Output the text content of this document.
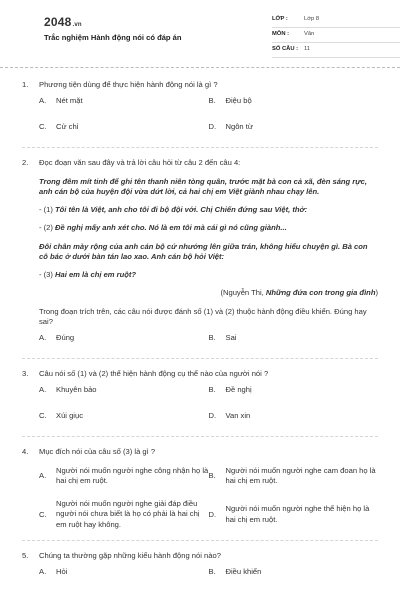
2048.vn
Trắc nghiệm Hành động nói có đáp án
LỚP :	Lớp 8
MÔN :	Văn
SỐ CÂU :	11
1.	Phương tiện dùng để thực hiện hành động nói là gì ?
A.	Nét mặt	B.	Điệu bộ
C.	Cử chỉ	D.	Ngôn từ
2.	Đọc đoạn văn sau đây và trả lời câu hỏi từ câu 2 đến câu 4:

Trong đêm mít tinh để ghi tên thanh niên tòng quân, trước mặt bà con cả xã, đèn sáng rực, anh cán bộ của huyện đội vừa dứt lời, cả hai chị em Việt giành nhau chạy lên.

- (1) Tôi tên là Việt, anh cho tôi đi bộ đội với. Chị Chiến đứng sau Việt, thở:

- (2) Đề nghị mấy anh xét cho. Nó là em tôi mà cái gì nó cũng giành...

Đôi chân mày rộng của anh cán bộ cứ nhướng lên giữa trán, không hiểu chuyện gì. Bà con cô bác ở dưới bàn tán lao xao. Anh cán bộ hỏi Việt:

- (3) Hai em là chị em ruột?

(Nguyễn Thi, Những đứa con trong gia đình)
Trong đoạn trích trên, các câu nói được đánh số (1) và (2) thuộc hành động điều khiển. Đúng hay sai?
A.	Đúng	B.	Sai
3.	Câu nói số (1) và (2) thể hiện hành động cụ thể nào của người nói ?
A.	Khuyên bảo	B.	Đề nghị
C.	Xúi giục	D.	Van xin
4.	Mục đích nói của câu số (3) là gì ?
A.
Người nói muốn người nghe công nhận họ là hai chị em ruột.
B.
Người nói muốn người nghe cam đoan họ là hai chị em ruột.
C.
Người nói muốn người nghe giải đáp điều người nói chưa biết là họ có phải là hai chị em ruột hay không.
D.
Người nói muốn người nghe thể hiện họ là hai chị em ruột.
5.	Chúng ta thường gặp những kiểu hành động nói nào?
A.	Hỏi	B.	Điều khiển
